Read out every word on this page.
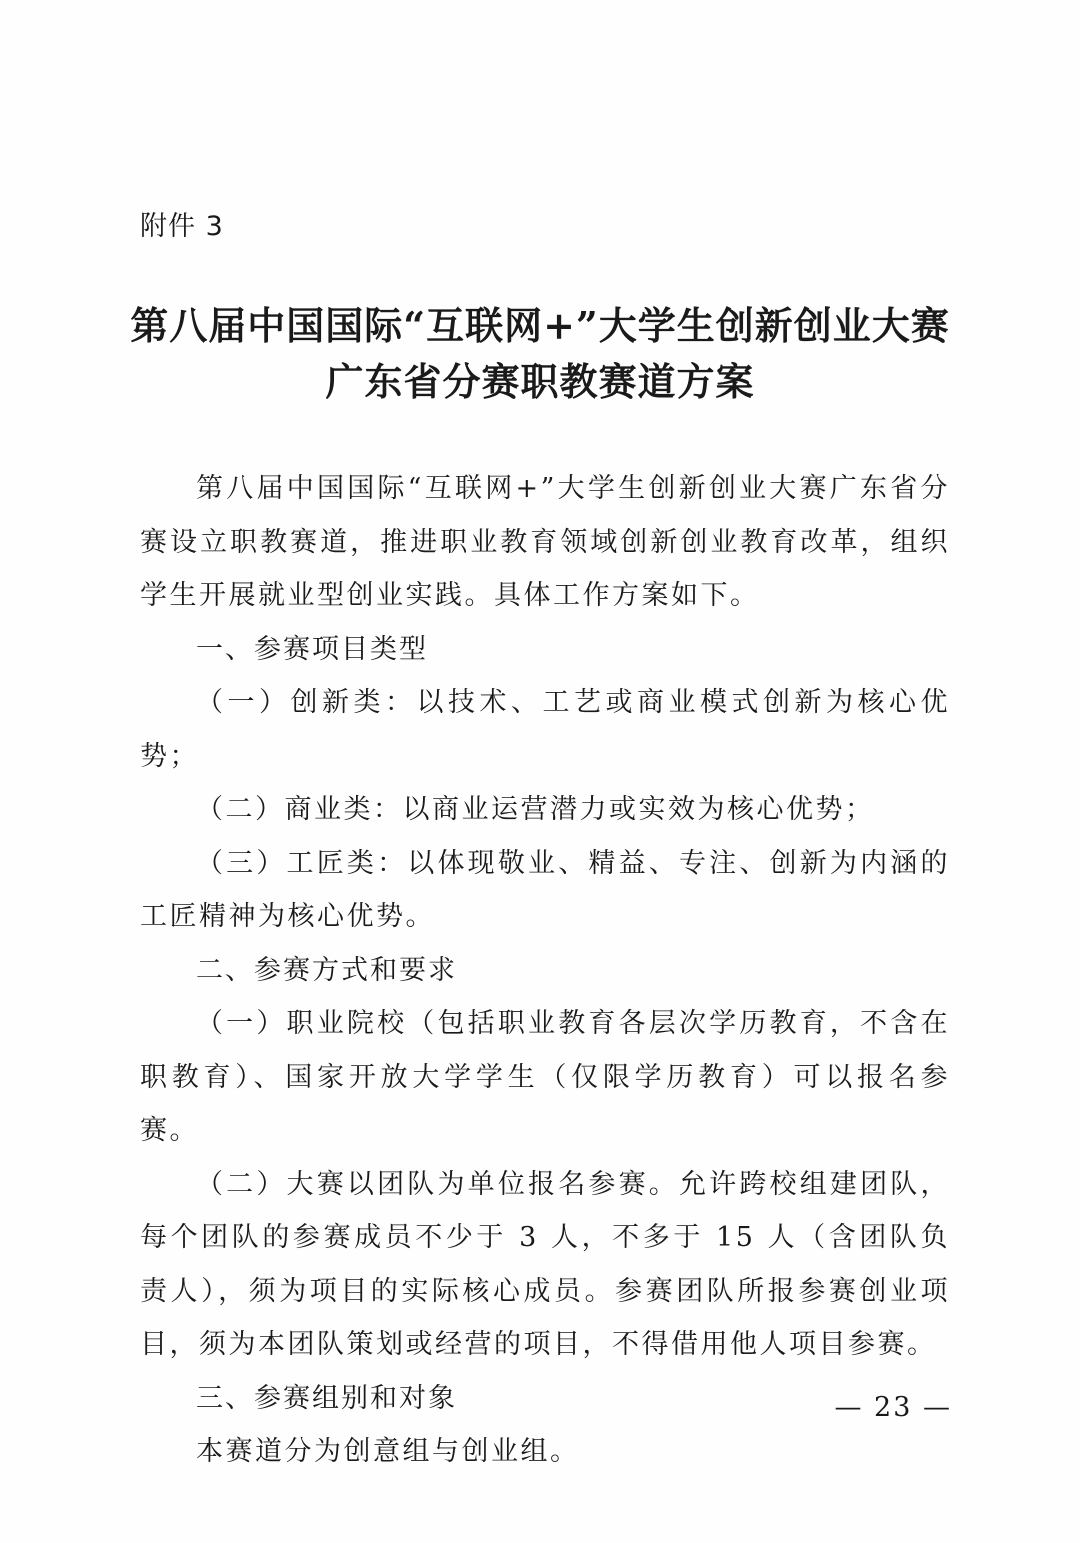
附件 3
第八届中国国际“互联网+”大学生创新创业大赛
广东省分赛职教赛道方案

第八届中国国际“互联网+”大学生创新创业大赛广东省分赛设立职教赛道，推进职业教育领域创新创业教育改革，组织学生开展就业型创业实践。具体工作方案如下。

一、参赛项目类型

（一）创新类：以技术、工艺或商业模式创新为核心优势；

（二）商业类：以商业运营潜力或实效为核心优势；

（三）工匠类：以体现敬业、精益、专注、创新为内涵的工匠精神为核心优势。

二、参赛方式和要求

（一）职业院校（包括职业教育各层次学历教育，不含在职教育）、国家开放大学学生（仅限学历教育）可以报名参赛。

（二）大赛以团队为单位报名参赛。允许跨校组建团队，每个团队的参赛成员不少于 3 人，不多于 15 人（含团队负责人），须为项目的实际核心成员。参赛团队所报参赛创业项目，须为本团队策划或经营的项目，不得借用他人项目参赛。

三、参赛组别和对象

本赛道分为创意组与创业组。

— 23 —
